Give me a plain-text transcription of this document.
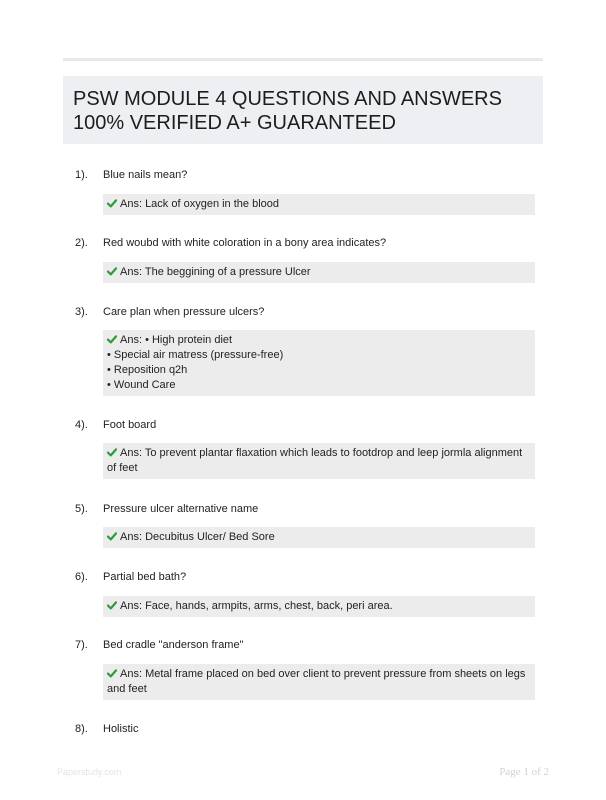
PSW MODULE 4 QUESTIONS AND ANSWERS
100% VERIFIED A+ GUARANTEED
1). Blue nails mean?
Ans: Lack of oxygen in the blood
2). Red woubd with white coloration in a bony area indicates?
Ans: The beggining of a pressure Ulcer
3). Care plan when pressure ulcers?
Ans: • High protein diet
• Special air matress (pressure-free)
• Reposition q2h
• Wound Care
4). Foot board
Ans: To prevent plantar flaxation which leads to footdrop and leep jormla alignment of feet
5). Pressure ulcer alternative name
Ans: Decubitus Ulcer/ Bed Sore
6). Partial bed bath?
Ans: Face, hands, armpits, arms, chest, back, peri area.
7). Bed cradle "anderson frame"
Ans: Metal frame placed on bed over client to prevent pressure from sheets on legs and feet
8). Holistic
Paperstudy.com	Page 1 of 2
